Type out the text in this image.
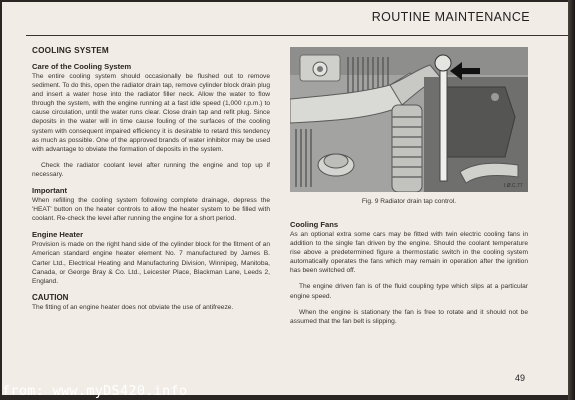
ROUTINE MAINTENANCE
COOLING SYSTEM
Care of the Cooling System

The entire cooling system should occasionally be flushed out to remove sediment. To do this, open the radiator drain tap, remove cylinder block drain plug and insert a water hose into the radiator filler neck. Allow the water to flow through the system, with the engine running at a fast idle speed (1,000 r.p.m.) to cause circulation, until the water runs clear. Close drain tap and refit plug. Since deposits in the water will in time cause fouling of the surfaces of the cooling system with consequent impaired efficiency it is desirable to retard this tendency as much as possible. One of the approved brands of water inhibitor may be used with advantage to obviate the formation of deposits in the system.

Check the radiator coolant level after running the engine and top up if necessary.

Important

When refilling the cooling system following complete drainage, depress the 'HEAT' button on the heater controls to allow the heater system to be filled with coolant. Re-check the level after running the engine for a short period.

Engine Heater

Provision is made on the right hand side of the cylinder block for the fitment of an American standard engine heater element No. 7 manufactured by James B. Carter Ltd., Electrical Heating and Manufacturing Division, Winnipeg, Manitoba, Canada, or George Bray & Co. Ltd., Leicester Place, Blackman Lane, Leeds 2, England.

CAUTION

The fitting of an engine heater does not obviate the use of antifreeze.

I.Ø.C.77
Fig. 9 Radiator drain tap control.
Cooling Fans

As an optional extra some cars may be fitted with twin electric cooling fans in addition to the single fan driven by the engine. Should the coolant temperature rise above a predetermined figure a thermostatic switch in the cooling system automatically operates the fans which may remain in operation after the ignition has been switched off.

The engine driven fan is of the fluid coupling type which slips at a particular engine speed.

When the engine is stationary the fan is free to rotate and it should not be assumed that the fan belt is slipping.

49
from: www.myDS420.info
